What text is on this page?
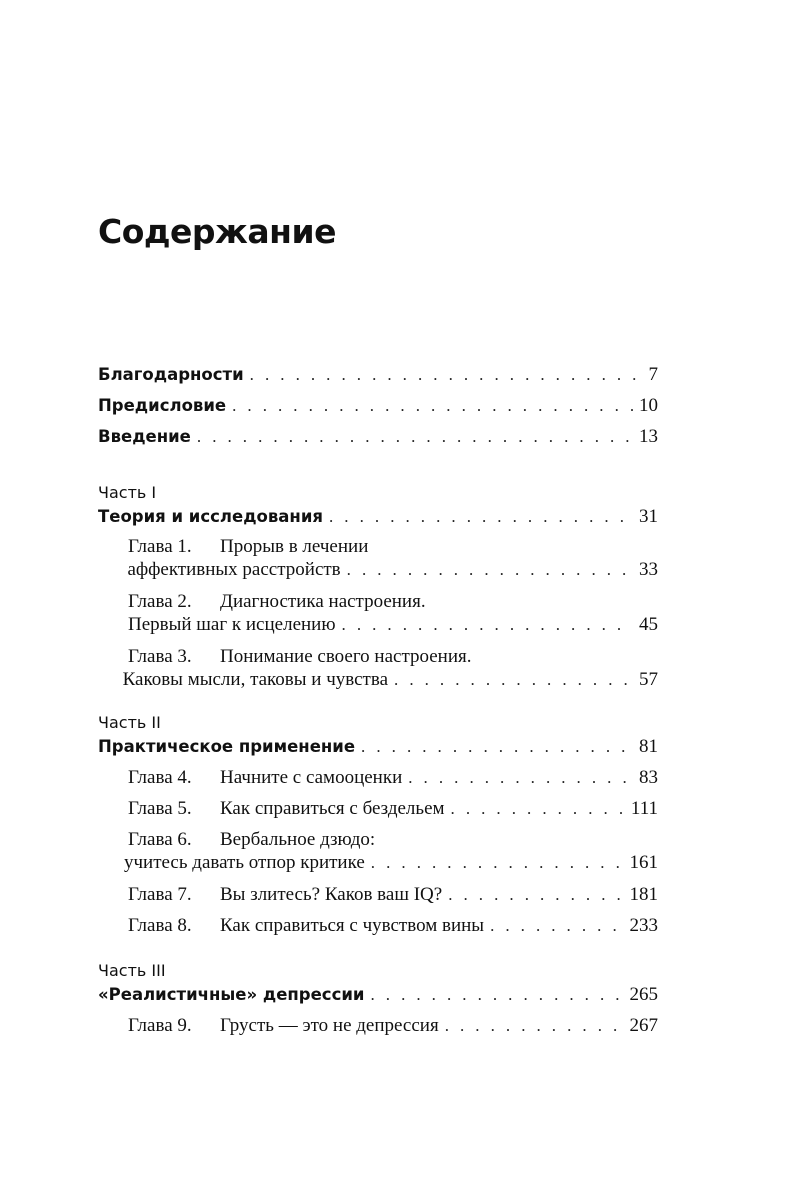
Содержание
Благодарности . . .	7
Предисловие . . .	10
Введение . . .	13
Часть I
Теория и исследования . . .	31
Глава 1. Прорыв в лечении
аффективных расстройств . . .	33
Глава 2. Диагностика настроения.
Первый шаг к исцелению . . .	45
Глава 3. Понимание своего настроения.
Каковы мысли, таковы и чувства . . .	57
Часть II
Практическое применение . . .	81
Глава 4.	Начните с самооценки . . .	83
Глава 5.	Как справиться с бездельем . . .	111
Глава 6. Вербальное дзюдо:
учитесь давать отпор критике . . .	161
Глава 7.	Вы злитесь? Каков ваш IQ? . . .	181
Глава 8.	Как справиться с чувством вины . . .	233
Часть III
«Реалистичные» депрессии . . .	265
Глава 9.	Грусть — это не депрессия . . .	267
